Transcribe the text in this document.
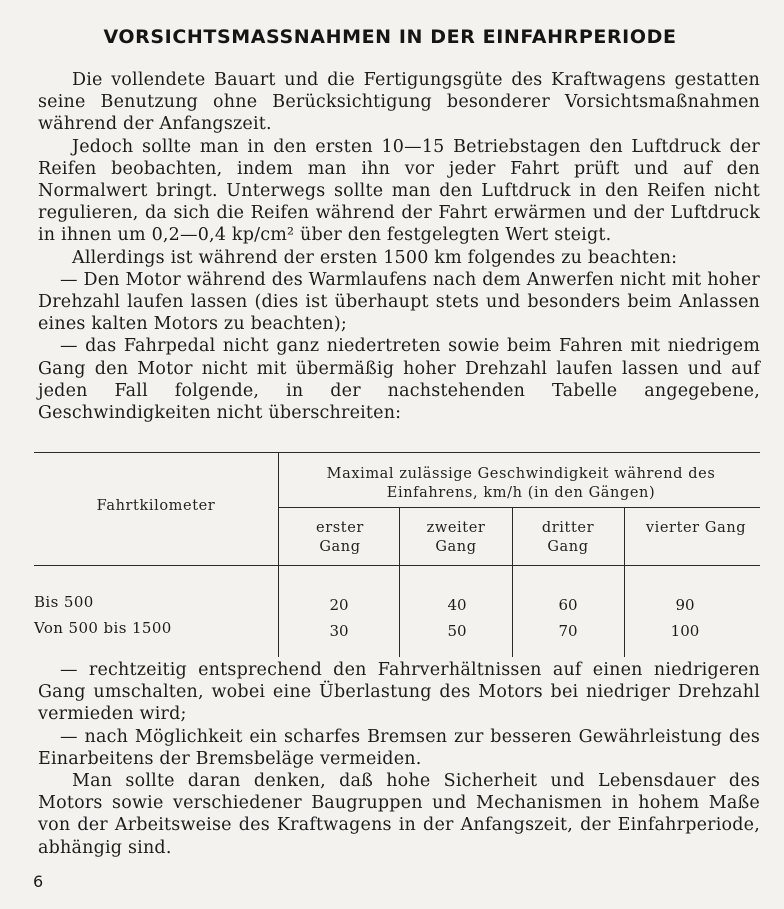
VORSICHTSMASSNAHMEN IN DER EINFAHRPERIODE

Die vollendete Bauart und die Fertigungsgüte des Kraftwagens gestatten seine Benutzung ohne Berücksichtigung besonderer Vorsichtsmaßnahmen während der Anfangszeit.

Jedoch sollte man in den ersten 10—15 Betriebstagen den Luftdruck der Reifen beobachten, indem man ihn vor jeder Fahrt prüft und auf den Normalwert bringt. Unterwegs sollte man den Luftdruck in den Reifen nicht regulieren, da sich die Reifen während der Fahrt erwärmen und der Luftdruck in ihnen um 0,2—0,4 kp/cm² über den festgelegten Wert steigt.

Allerdings ist während der ersten 1500 km folgendes zu beachten:

— Den Motor während des Warmlaufens nach dem Anwerfen nicht mit hoher Drehzahl laufen lassen (dies ist überhaupt stets und besonders beim Anlassen eines kalten Motors zu beachten);

— das Fahrpedal nicht ganz niedertreten sowie beim Fahren mit niedrigem Gang den Motor nicht mit übermäßig hoher Drehzahl laufen lassen und auf jeden Fall folgende, in der nachstehenden Tabelle angegebene, Geschwindigkeiten nicht überschreiten:

Fahrtkilometer
Maximal zulässige Geschwindigkeit während des Einfahrens, km/h (in den Gängen)
erster Gang
zweiter Gang
dritter Gang
vierter Gang
Bis 500	20	40	60	90
Von 500 bis 1500	30	50	70	100

— rechtzeitig entsprechend den Fahrverhältnissen auf einen niedrigeren Gang umschalten, wobei eine Überlastung des Motors bei niedriger Drehzahl vermieden wird;

— nach Möglichkeit ein scharfes Bremsen zur besseren Gewährleistung des Einarbeitens der Bremsbeläge vermeiden.

Man sollte daran denken, daß hohe Sicherheit und Lebensdauer des Motors sowie verschiedener Baugruppen und Mechanismen in hohem Maße von der Arbeitsweise des Kraftwagens in der Anfangszeit, der Einfahrperiode, abhängig sind.

6
